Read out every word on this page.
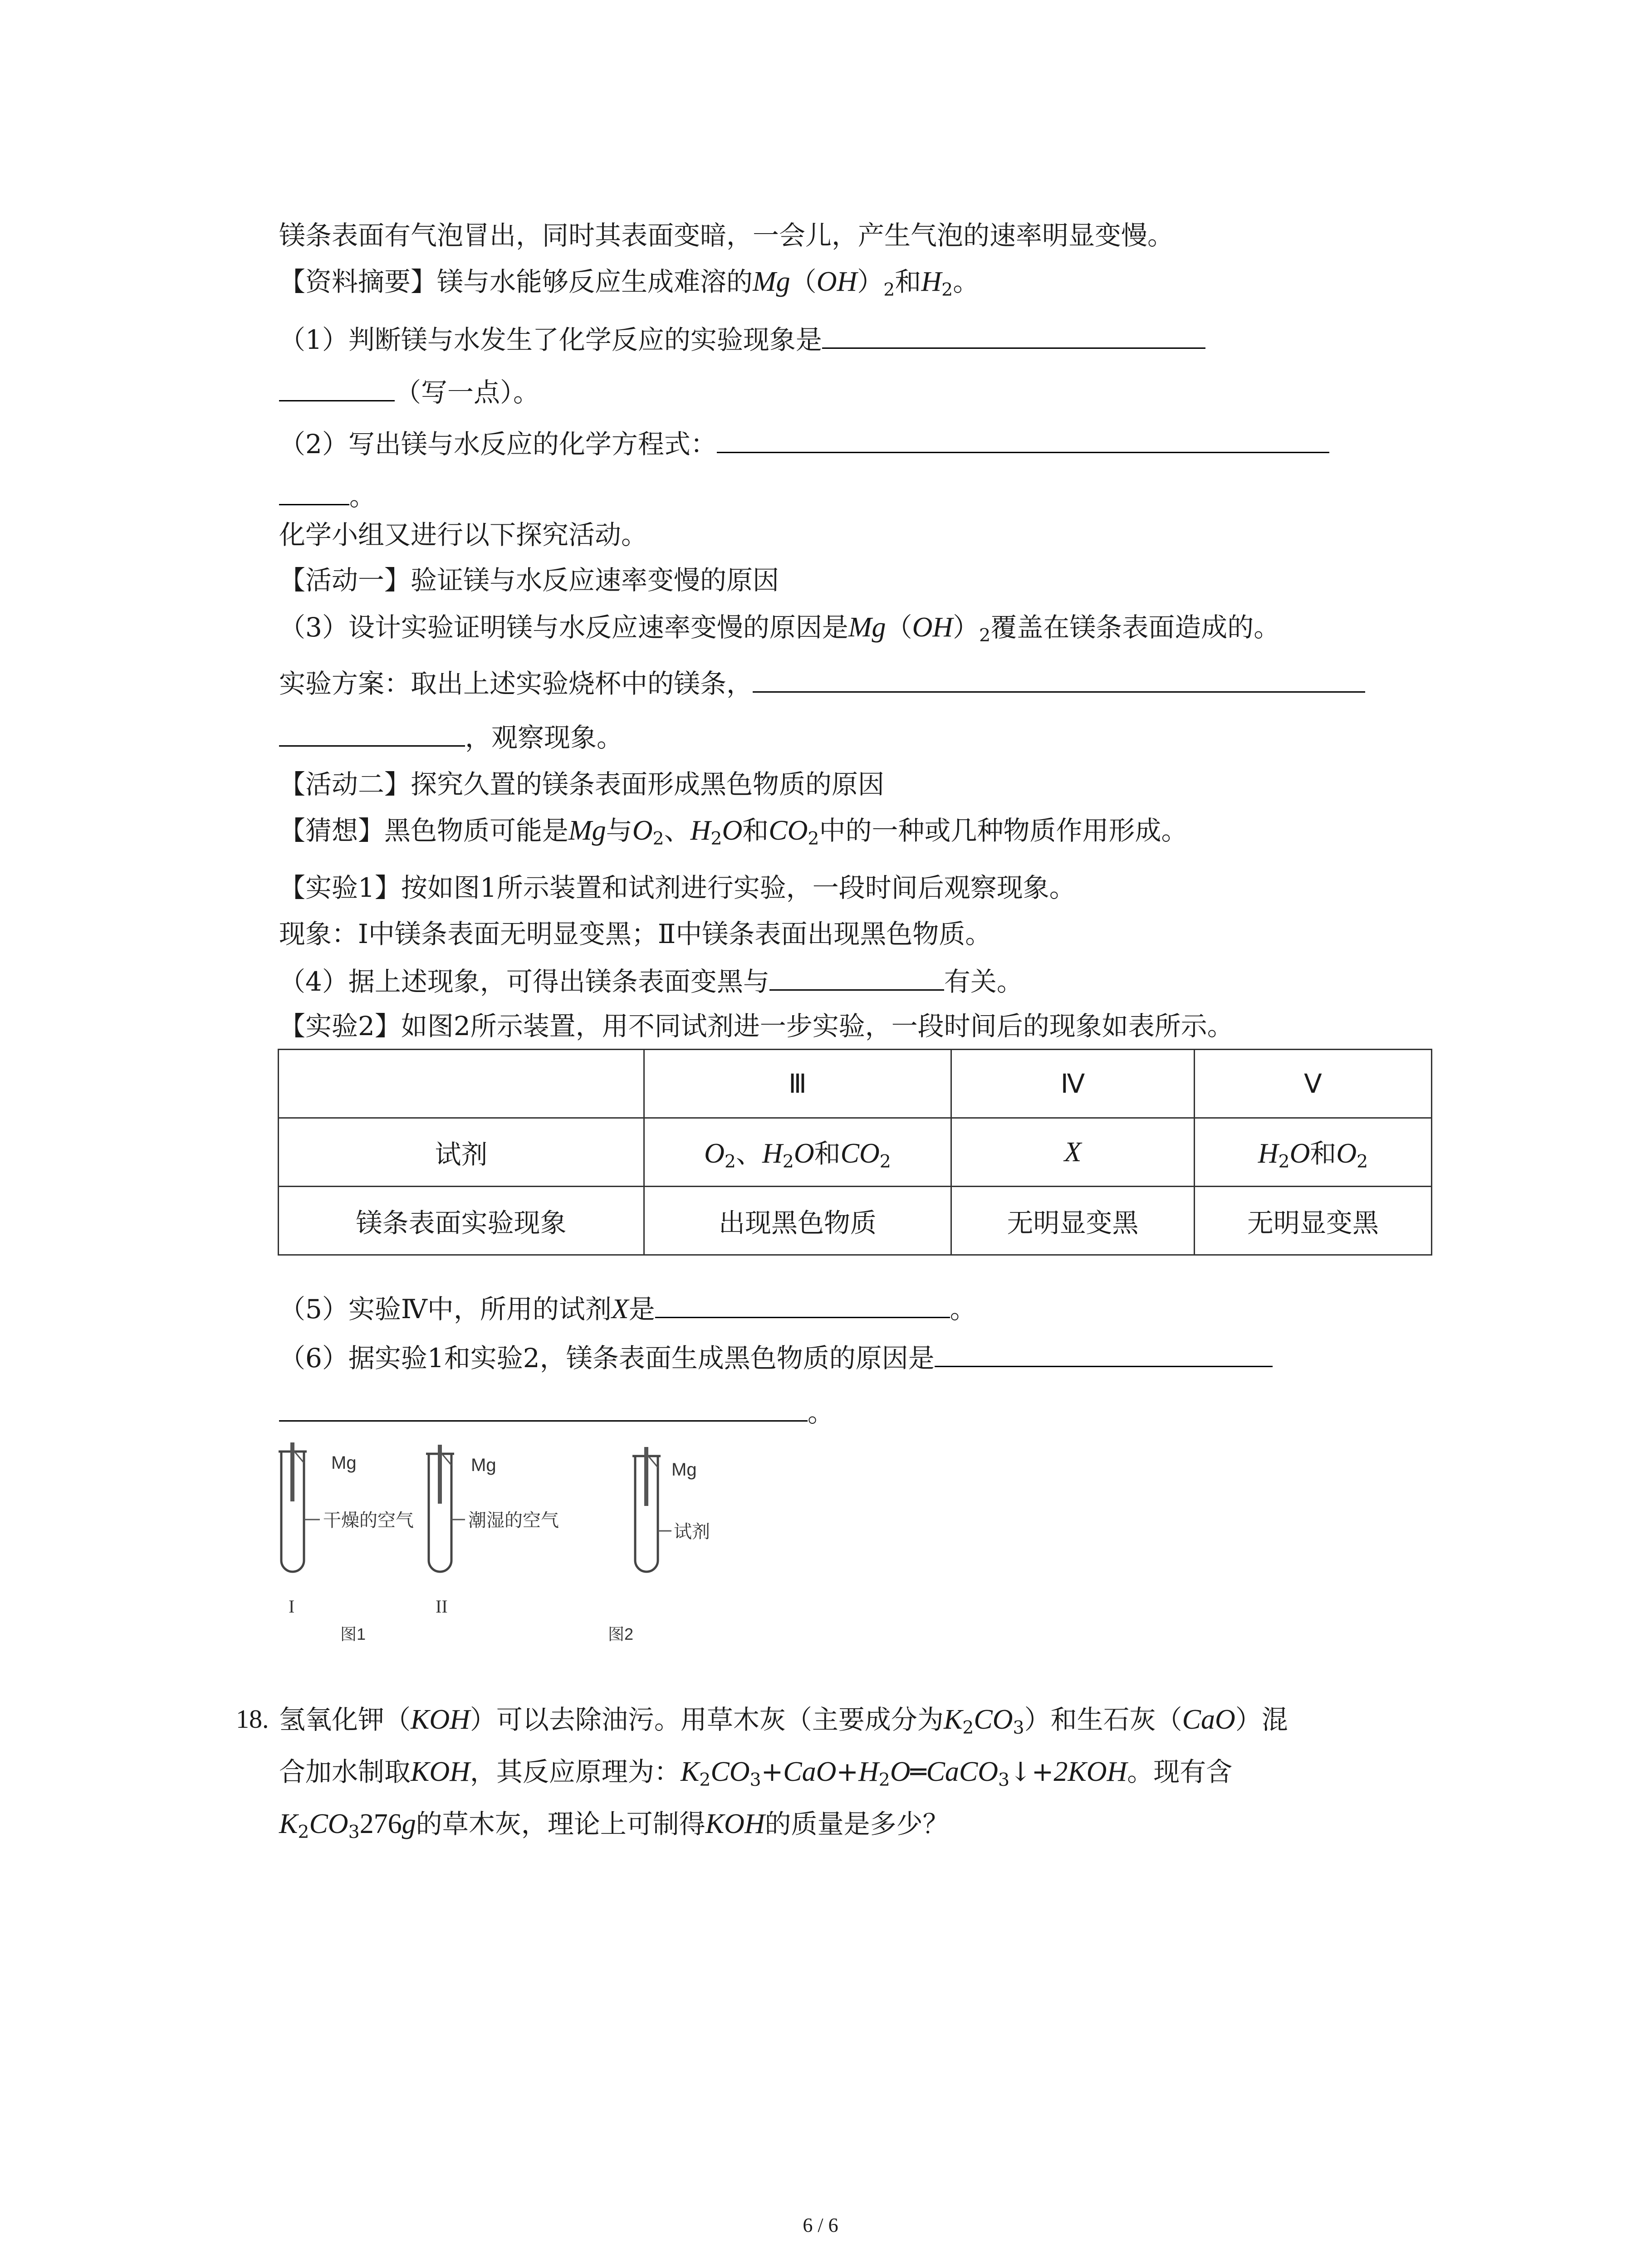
镁条表面有气泡冒出，同时其表面变暗，一会儿，产生气泡的速率明显变慢。
【资料摘要】镁与水能够反应生成难溶的$Mg(OH)_2$和$H_2$。
（1）判断镁与水发生了化学反应的实验现象是
（写一点）。
（2）写出镁与水反应的化学方程式：
。
化学小组又进行以下探究活动。
【活动一】验证镁与水反应速率变慢的原因
（3）设计实验证明镁与水反应速率变慢的原因是$Mg(OH)_2$覆盖在镁条表面造成的。
实验方案：取出上述实验烧杯中的镁条，
，观察现象。
【活动二】探究久置的镁条表面形成黑色物质的原因
【猜想】黑色物质可能是Mg与$O_2$、$H_2O$和$CO_2$中的一种或几种物质作用形成。
【实验1】按如图1所示装置和试剂进行实验，一段时间后观察现象。
现象：Ⅰ中镁条表面无明显变黑；Ⅱ中镁条表面出现黑色物质。
（4）据上述现象，可得出镁条表面变黑与	有关。
【实验2】如图2所示装置，用不同试剂进一步实验，一段时间后的现象如表所示。
	Ⅲ	Ⅳ	Ⅴ
试剂	$O_2$、$H_2O$和$CO_2$	X	$H_2O$和$O_2$
镁条表面实验现象	出现黑色物质	无明显变黑	无明显变黑
（5）实验Ⅳ中，所用的试剂X是	。
（6）据实验1和实验2，镁条表面生成黑色物质的原因是
。
Mg
干燥的空气
I
Mg
潮湿的空气
II
Mg
试剂
图1	图2
18. 氢氧化钾（KOH）可以去除油污。用草木灰（主要成分为$K_2CO_3$）和生石灰（CaO）混
合加水制取KOH，其反应原理为：$K_2CO_3+CaO+H_2O═CaCO_3↓+2KOH$。现有含
$K_2CO_3276g$的草木灰，理论上可制得KOH的质量是多少？
6 / 6
